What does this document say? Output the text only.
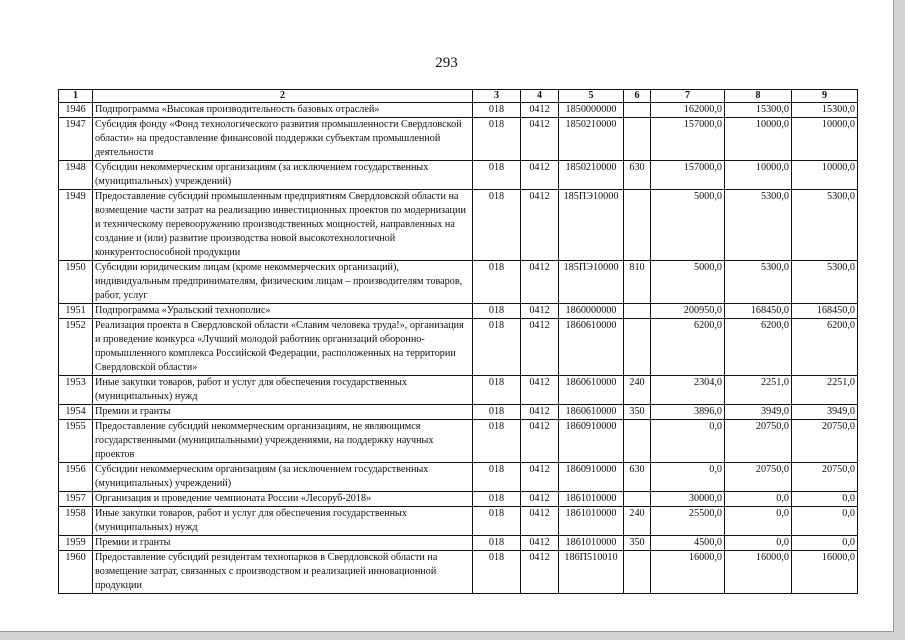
293
1	2	3	4	5	6	7	8	9
1946	Подпрограмма «Высокая производительность базовых отраслей»	018	0412	1850000000		162000,0	15300,0	15300,0
1947	Субсидия фонду «Фонд технологического развития промышленности Свердловской области» на предоставление финансовой поддержки субъектам промышленной деятельности	018	0412	1850210000		157000,0	10000,0	10000,0
1948	Субсидии некоммерческим организациям (за исключением государственных (муниципальных) учреждений)	018	0412	1850210000	630	157000,0	10000,0	10000,0
1949	Предоставление субсидий промышленным предприятиям Свердловской области на возмещение части затрат на реализацию инвестиционных проектов по модернизации и техническому перевооружению производственных мощностей, направленных на создание и (или) развитие производства новой высокотехнологичной конкурентоспособной продукции	018	0412	185ПЭ10000		5000,0	5300,0	5300,0
1950	Субсидии юридическим лицам (кроме некоммерческих организаций), индивидуальным предпринимателям, физическим лицам – производителям товаров, работ, услуг	018	0412	185ПЭ10000	810	5000,0	5300,0	5300,0
1951	Подпрограмма «Уральский технополис»	018	0412	1860000000		200950,0	168450,0	168450,0
1952	Реализация проекта в Свердловской области «Славим человека труда!», организация и проведение конкурса «Лучший молодой работник организаций оборонно-промышленного комплекса Российской Федерации, расположенных на территории Свердловской области»	018	0412	1860610000		6200,0	6200,0	6200,0
1953	Иные закупки товаров, работ и услуг для обеспечения государственных (муниципальных) нужд	018	0412	1860610000	240	2304,0	2251,0	2251,0
1954	Премии и гранты	018	0412	1860610000	350	3896,0	3949,0	3949,0
1955	Предоставление субсидий некоммерческим организациям, не являющимся государственными (муниципальными) учреждениями, на поддержку научных проектов	018	0412	1860910000		0,0	20750,0	20750,0
1956	Субсидии некоммерческим организациям (за исключением государственных (муниципальных) учреждений)	018	0412	1860910000	630	0,0	20750,0	20750,0
1957	Организация и проведение чемпионата России «Лесоруб-2018»	018	0412	1861010000		30000,0	0,0	0,0
1958	Иные закупки товаров, работ и услуг для обеспечения государственных (муниципальных) нужд	018	0412	1861010000	240	25500,0	0,0	0,0
1959	Премии и гранты	018	0412	1861010000	350	4500,0	0,0	0,0
1960	Предоставление субсидий резидентам технопарков в Свердловской области на возмещение затрат, связанных с производством и реализацией инновационной продукции	018	0412	186П510010		16000,0	16000,0	16000,0
